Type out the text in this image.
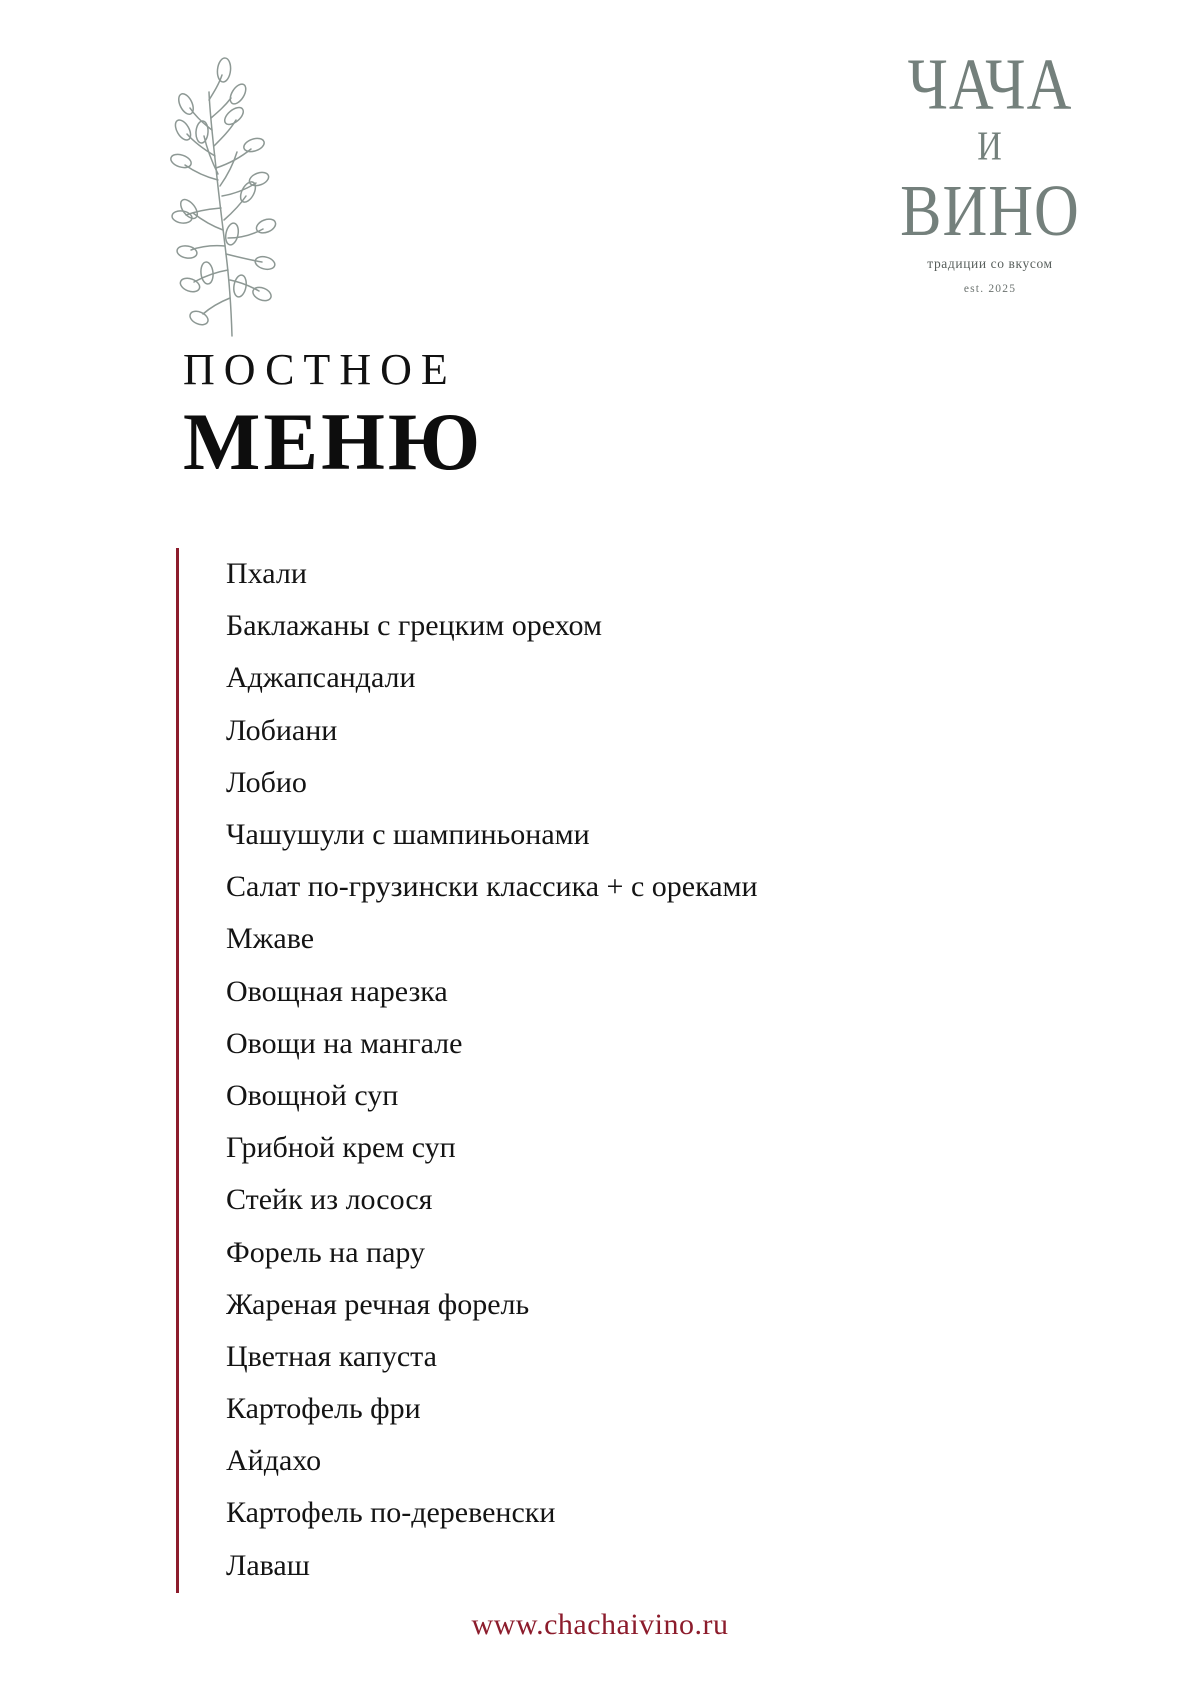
ЧАЧА
И
ВИНО
традиции со вкусом
est. 2025
ПОСТНОЕ
МЕНЮ
Пхали
Баклажаны с грецким орехом
Аджапсандали
Лобиани
Лобио
Чашушули с шампиньонами
Салат по-грузински классика + с ореками
Мжаве
Овощная нарезка
Овощи на мангале
Овощной суп
Грибной крем суп
Стейк из лосося
Форель на пару
Жареная речная форель
Цветная капуста
Картофель фри
Айдахо
Картофель по-деревенски
Лаваш
www.chachaivino.ru
